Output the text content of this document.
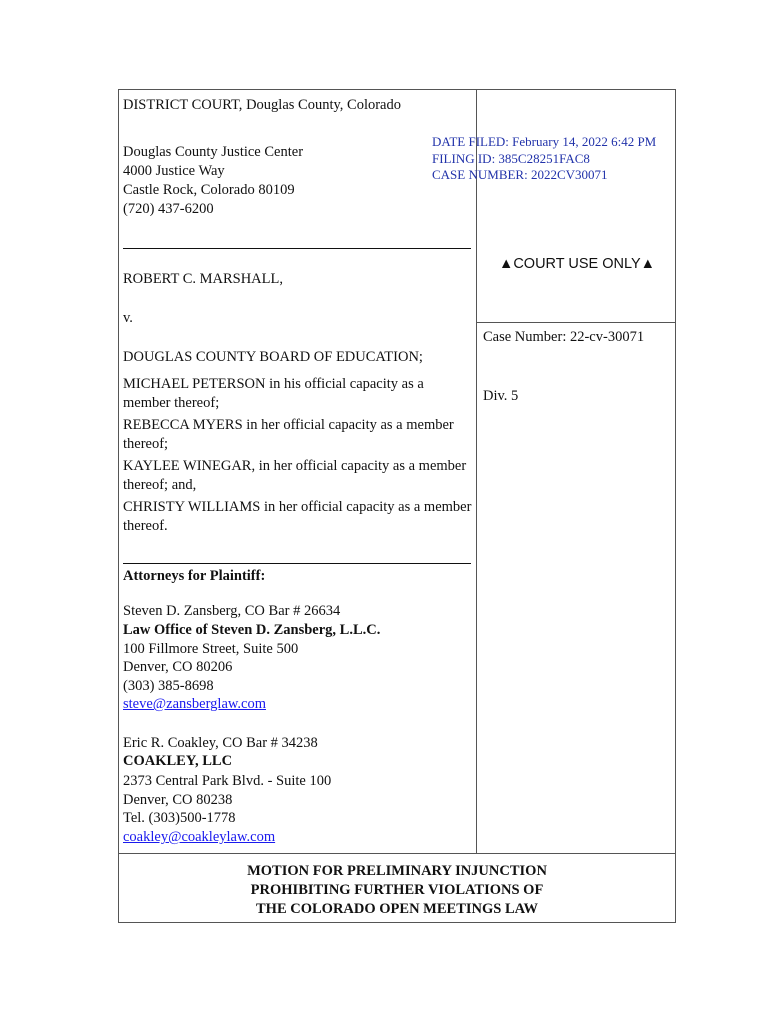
DISTRICT COURT, Douglas County, Colorado
Douglas County Justice Center
4000 Justice Way
Castle Rock, Colorado 80109
(720) 437-6200
DATE FILED: February 14, 2022 6:42 PM
FILING ID: 385C28251FAC8
CASE NUMBER: 2022CV30071
▲COURT USE ONLY▲
ROBERT C. MARSHALL,
v.
DOUGLAS COUNTY BOARD OF EDUCATION;
MICHAEL PETERSON in his official capacity as a member thereof;
REBECCA MYERS in her official capacity as a member thereof;
KAYLEE WINEGAR, in her official capacity as a member thereof; and,
CHRISTY WILLIAMS in her official capacity as a member thereof.
Case Number: 22-cv-30071
Div. 5
Attorneys for Plaintiff:
Steven D. Zansberg, CO Bar # 26634
Law Office of Steven D. Zansberg, L.L.C.
100 Fillmore Street, Suite 500
Denver, CO 80206
(303) 385-8698
steve@zansberglaw.com
Eric R. Coakley, CO Bar # 34238
COAKLEY, LLC
2373 Central Park Blvd. - Suite 100
Denver, CO 80238
Tel. (303)500-1778
coakley@coakleylaw.com
MOTION FOR PRELIMINARY INJUNCTION
PROHIBITING FURTHER VIOLATIONS OF
THE COLORADO OPEN MEETINGS LAW
